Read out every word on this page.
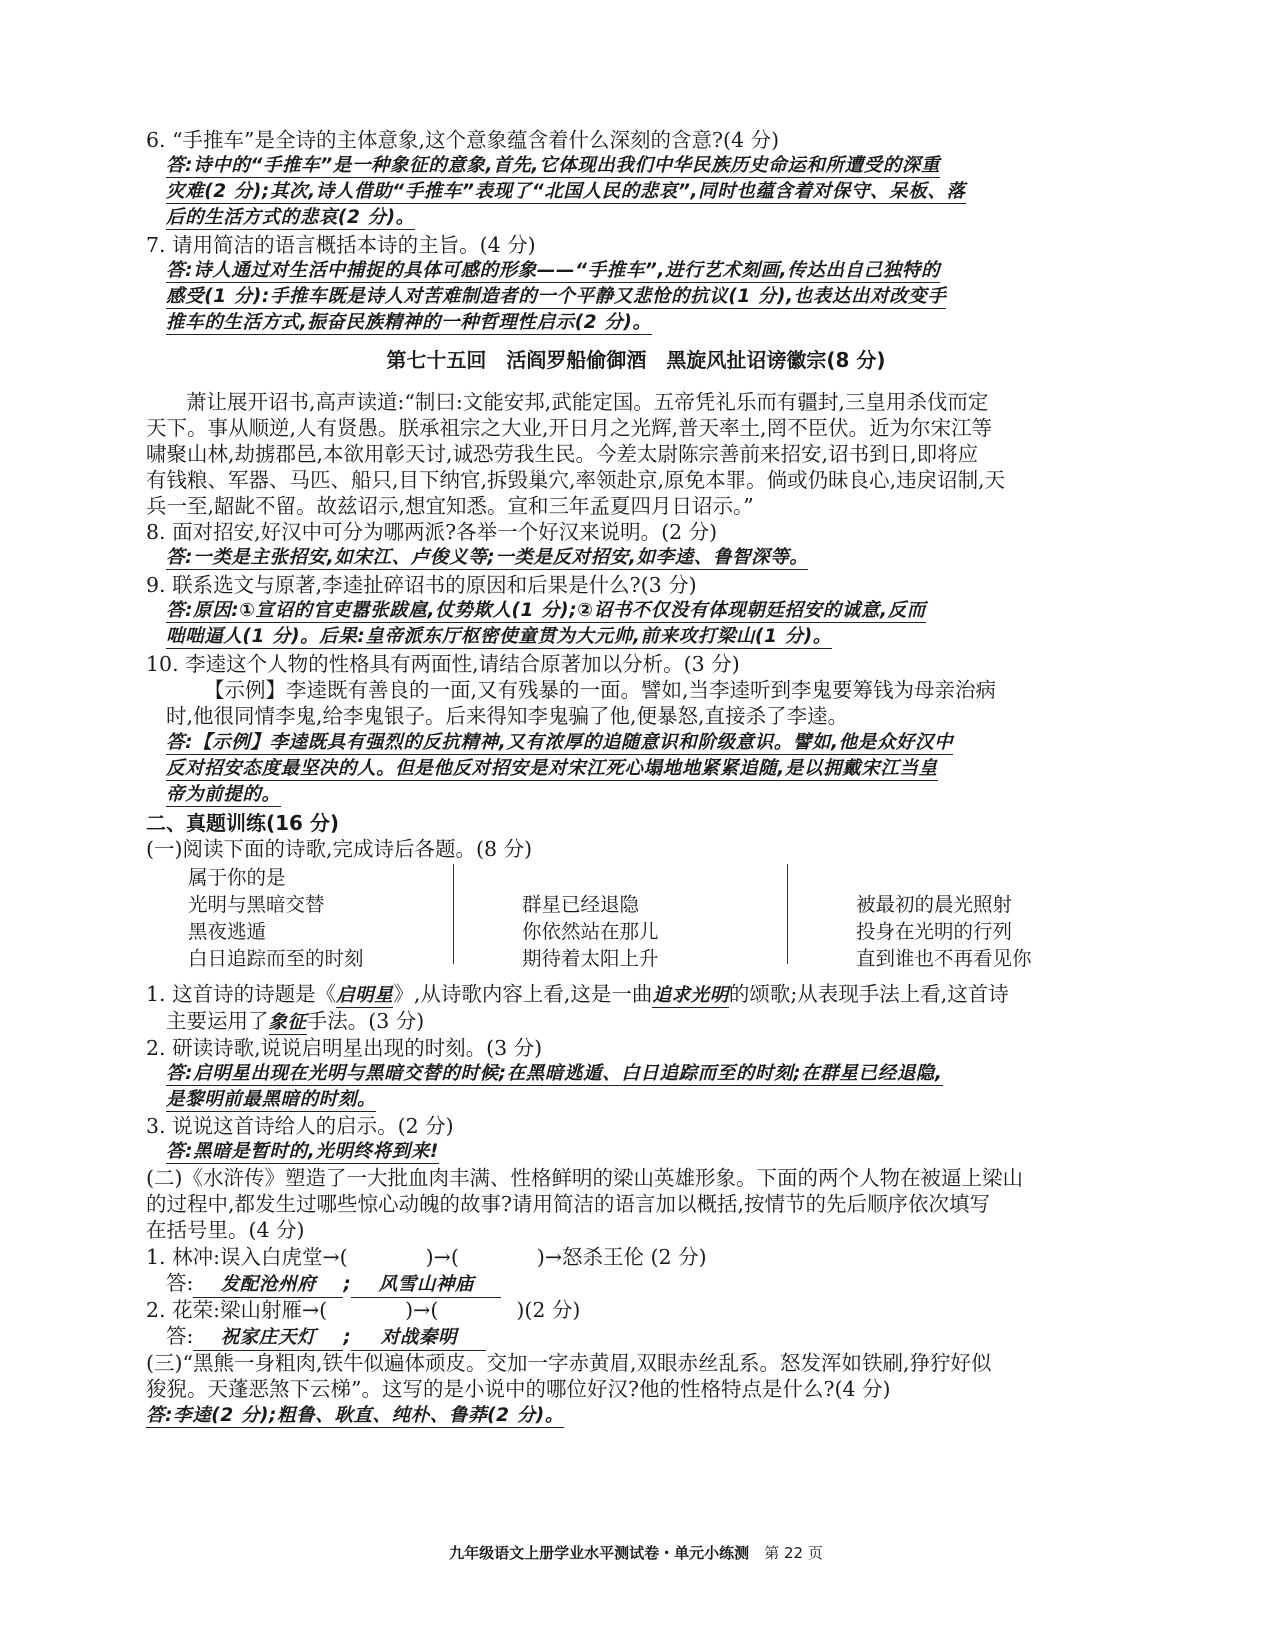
6. “手推车”是全诗的主体意象,这个意象蕴含着什么深刻的含意?(4 分)
答:诗中的“手推车”是一种象征的意象,首先,它体现出我们中华民族历史命运和所遭受的深重
灾难(2 分);其次,诗人借助“手推车”表现了“北国人民的悲哀”,同时也蕴含着对保守、呆板、落
后的生活方式的悲哀(2 分)。
7. 请用简洁的语言概括本诗的主旨。(4 分)
答:诗人通过对生活中捕捉的具体可感的形象——“手推车”,进行艺术刻画,传达出自己独特的
感受(1 分):手推车既是诗人对苦难制造者的一个平静又悲怆的抗议(1 分),也表达出对改变手
推车的生活方式,振奋民族精神的一种哲理性启示(2 分)。
第七十五回　活阎罗船偷御酒　黑旋风扯诏谤徽宗(8 分)
萧让展开诏书,高声读道:“制曰:文能安邦,武能定国。五帝凭礼乐而有疆封,三皇用杀伐而定
天下。事从顺逆,人有贤愚。朕承祖宗之大业,开日月之光辉,普天率土,罔不臣伏。近为尔宋江等
啸聚山林,劫掳郡邑,本欲用彰天讨,诚恐劳我生民。今差太尉陈宗善前来招安,诏书到日,即将应
有钱粮、军器、马匹、船只,目下纳官,拆毁巢穴,率领赴京,原免本罪。倘或仍昧良心,违戾诏制,天
兵一至,龆龀不留。故兹诏示,想宜知悉。宣和三年孟夏四月日诏示。”
8. 面对招安,好汉中可分为哪两派?各举一个好汉来说明。(2 分)
答:一类是主张招安,如宋江、卢俊义等;一类是反对招安,如李逵、鲁智深等。
9. 联系选文与原著,李逵扯碎诏书的原因和后果是什么?(3 分)
答:原因:①宣诏的官吏嚣张跋扈,仗势欺人(1 分);②诏书不仅没有体现朝廷招安的诚意,反而
咄咄逼人(1 分)。后果:皇帝派东厅枢密使童贯为大元帅,前来攻打梁山(1 分)。
10. 李逵这个人物的性格具有两面性,请结合原著加以分析。(3 分)
【示例】李逵既有善良的一面,又有残暴的一面。譬如,当李逵听到李鬼要筹钱为母亲治病
时,他很同情李鬼,给李鬼银子。后来得知李鬼骗了他,便暴怒,直接杀了李逵。
答:【示例】李逵既具有强烈的反抗精神,又有浓厚的追随意识和阶级意识。譬如,他是众好汉中
反对招安态度最坚决的人。但是他反对招安是对宋江死心塌地地紧紧追随,是以拥戴宋江当皇
帝为前提的。
二、真题训练(16 分)
(一)阅读下面的诗歌,完成诗后各题。(8 分)
属于你的是
光明与黑暗交替
黑夜逃遁
白日追踪而至的时刻
群星已经退隐
你依然站在那儿
期待着太阳上升
被最初的晨光照射
投身在光明的行列
直到谁也不再看见你
1. 这首诗的诗题是《启明星》,从诗歌内容上看,这是一曲追求光明的颂歌;从表现手法上看,这首诗
主要运用了象征手法。(3 分)
2. 研读诗歌,说说启明星出现的时刻。(3 分)
答:启明星出现在光明与黑暗交替的时候;在黑暗逃遁、白日追踪而至的时刻;在群星已经退隐,
是黎明前最黑暗的时刻。
3. 说说这首诗给人的启示。(2 分)
答:黑暗是暂时的,光明终将到来!
(二)《水浒传》塑造了一大批血肉丰满、性格鲜明的梁山英雄形象。下面的两个人物在被逼上梁山
的过程中,都发生过哪些惊心动魄的故事?请用简洁的语言加以概括,按情节的先后顺序依次填写
在括号里。(4 分)
1. 林冲:误入白虎堂→(	)→(	)→怒杀王伦 (2 分)
答: 发配沧州府 ; 风雪山神庙
2. 花荣:梁山射雁→(	)→(	)(2 分)
答: 祝家庄天灯 ; 对战秦明
(三)“黑熊一身粗肉,铁牛似遍体顽皮。交加一字赤黄眉,双眼赤丝乱系。怒发浑如铁刷,狰狞好似
狻猊。天蓬恶煞下云梯”。这写的是小说中的哪位好汉?他的性格特点是什么?(4 分)
答:李逵(2 分);粗鲁、耿直、纯朴、鲁莽(2 分)。
九年级语文上册学业水平测试卷・单元小练测　 第 22 页
